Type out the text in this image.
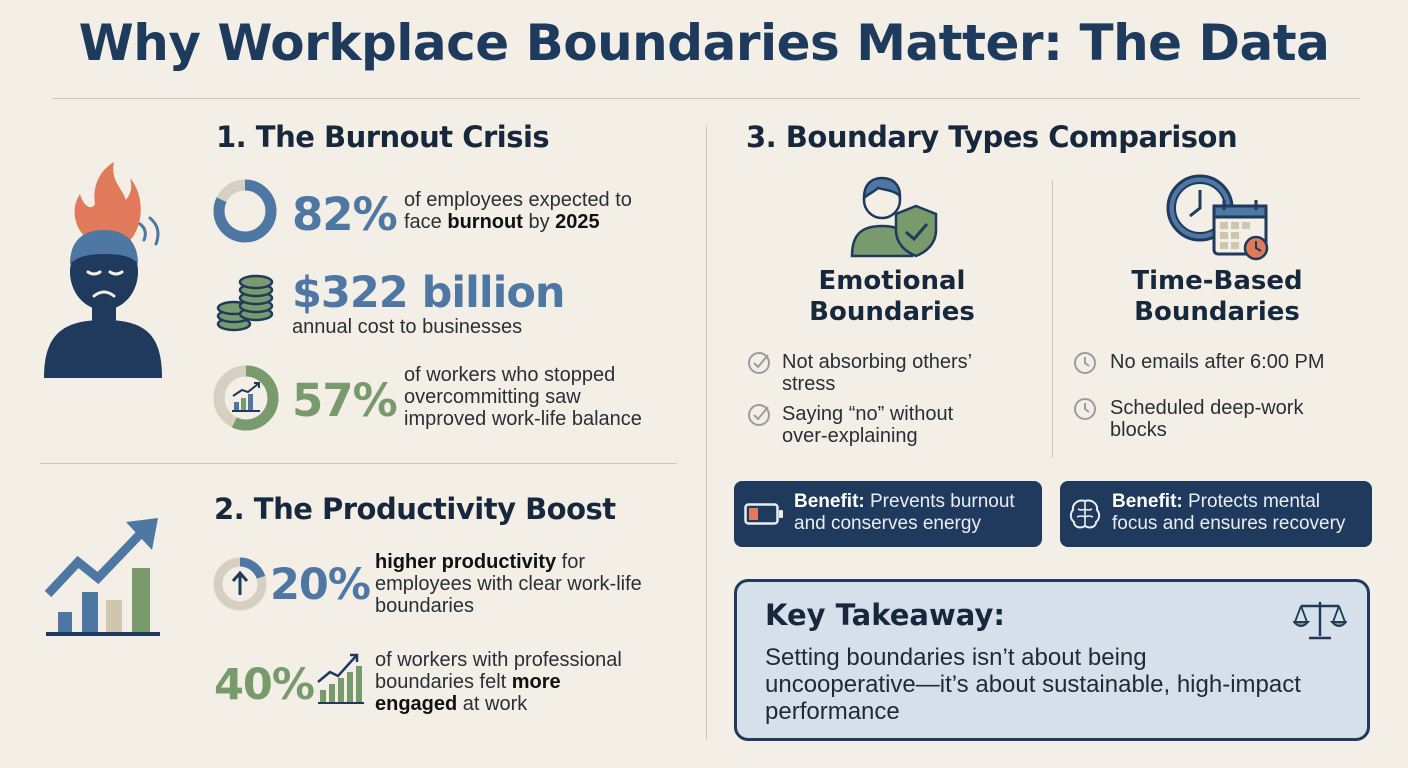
Why Workplace Boundaries Matter: The Data
1. The Burnout Crisis
82% of employees expected to
face burnout by 2025
$322 billion
annual cost to businesses
57% of workers who stopped
overcommitting saw
improved work-life balance
2. The Productivity Boost
20% higher productivity for
employees with clear work-life
boundaries
40%	of workers with professional
boundaries felt more
engaged at work
3. Boundary Types Comparison
Emotional
Boundaries
Not absorbing others’
stress
Saying “no” without
over-explaining
Time-Based
Boundaries
No emails after 6:00 PM
Scheduled deep-work
blocks
Benefit: Prevents burnout
and conserves energy
Benefit: Protects mental
focus and ensures recovery
Key Takeaway:
Setting boundaries isn’t about being
uncooperative—it’s about sustainable, high-impact
performance
